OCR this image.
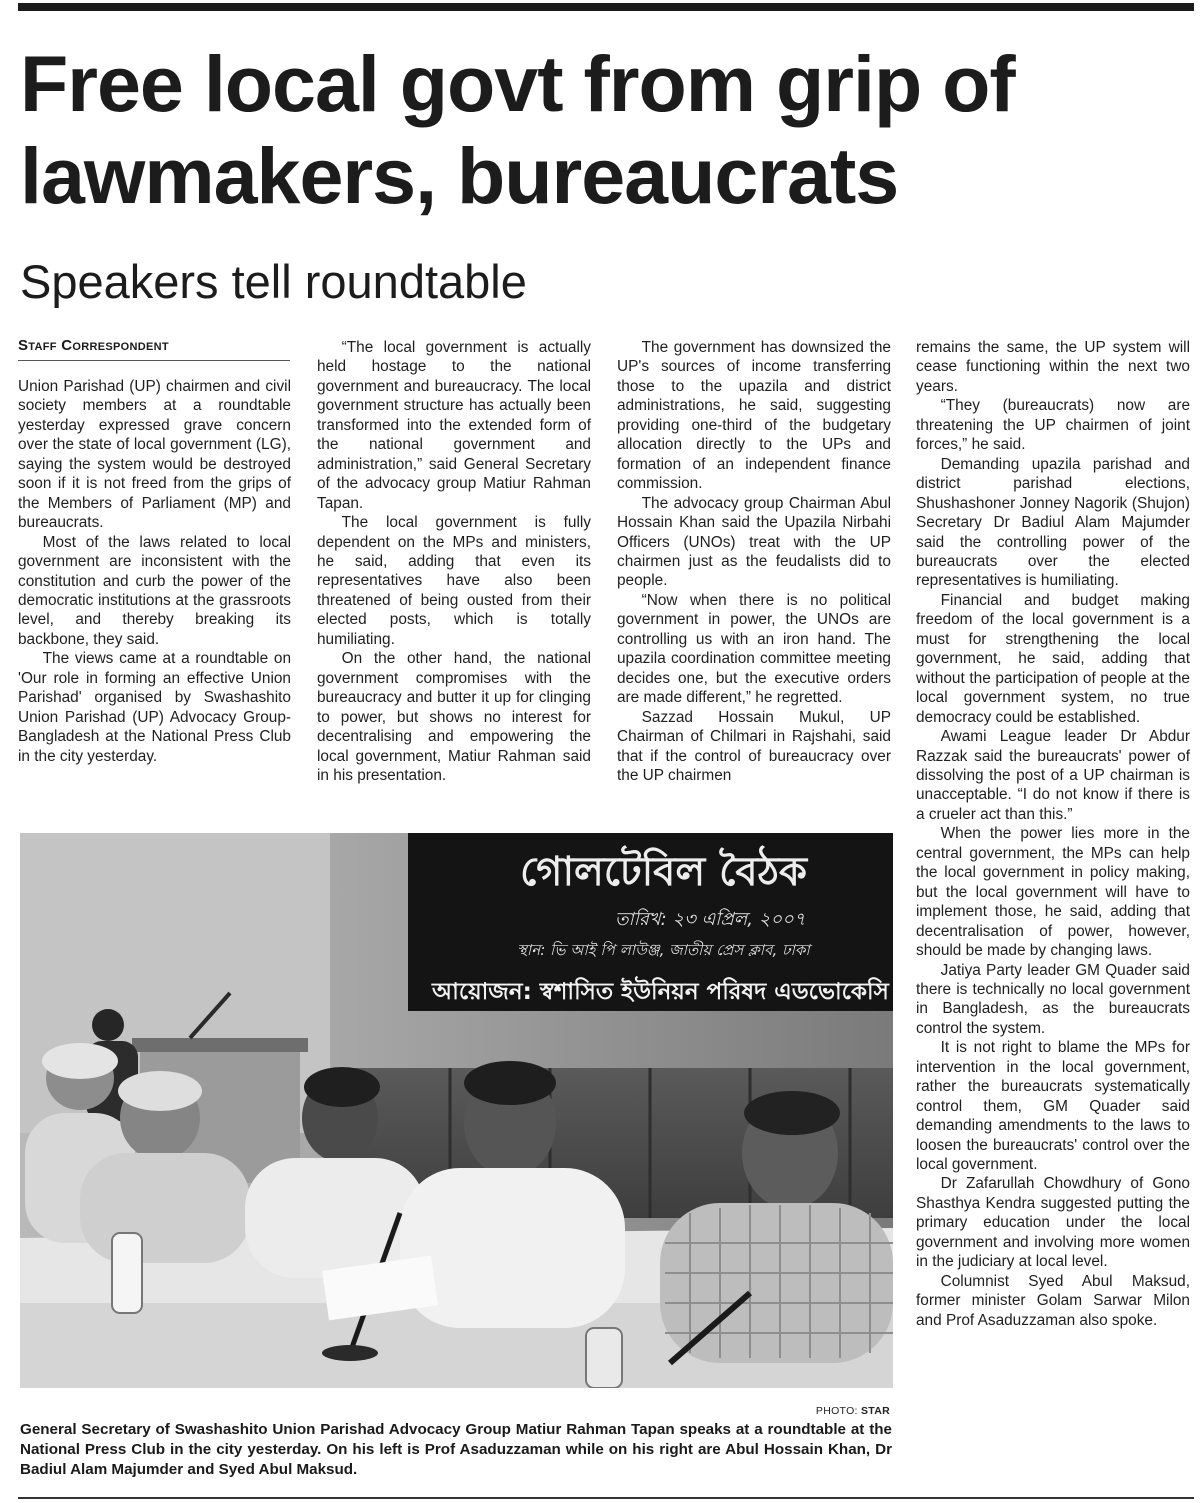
Free local govt from grip of lawmakers, bureaucrats
Speakers tell roundtable
Staff Correspondent

Union Parishad (UP) chairmen and civil society members at a roundtable yesterday expressed grave concern over the state of local government (LG), saying the system would be destroyed soon if it is not freed from the grips of the Members of Parliament (MP) and bureaucrats.

Most of the laws related to local government are inconsistent with the constitution and curb the power of the democratic institutions at the grassroots level, and thereby breaking its backbone, they said.

The views came at a roundtable on 'Our role in forming an effective Union Parishad' organised by Swashashito Union Parishad (UP) Advocacy Group-Bangladesh at the National Press Club in the city yesterday.

“The local government is actually held hostage to the national government and bureaucracy. The local government structure has actually been transformed into the extended form of the national government and administration,” said General Secretary of the advocacy group Matiur Rahman Tapan.

The local government is fully dependent on the MPs and ministers, he said, adding that even its representatives have also been threatened of being ousted from their elected posts, which is totally humiliating.

On the other hand, the national government compromises with the bureaucracy and butter it up for clinging to power, but shows no interest for decentralising and empowering the local government, Matiur Rahman said in his presentation.

The government has downsized the UP's sources of income transferring those to the upazila and district administrations, he said, suggesting providing one-third of the budgetary allocation directly to the UPs and formation of an independent finance commission.

The advocacy group Chairman Abul Hossain Khan said the Upazila Nirbahi Officers (UNOs) treat with the UP chairmen just as the feudalists did to people.

“Now when there is no political government in power, the UNOs are controlling us with an iron hand. The upazila coordination committee meeting decides one, but the executive orders are made different,” he regretted.

Sazzad Hossain Mukul, UP Chairman of Chilmari in Rajshahi, said that if the control of bureaucracy over the UP chairmen

remains the same, the UP system will cease functioning within the next two years.

“They (bureaucrats) now are threatening the UP chairmen of joint forces,” he said.

Demanding upazila parishad and district parishad elections, Shushashoner Jonney Nagorik (Shujon) Secretary Dr Badiul Alam Majumder said the controlling power of the bureaucrats over the elected representatives is humiliating.

Financial and budget making freedom of the local government is a must for strengthening the local government, he said, adding that without the participation of people at the local government system, no true democracy could be established.

Awami League leader Dr Abdur Razzak said the bureaucrats' power of dissolving the post of a UP chairman is unacceptable. “I do not know if there is a crueler act than this.”

When the power lies more in the central government, the MPs can help the local government in policy making, but the local government will have to implement those, he said, adding that decentralisation of power, however, should be made by changing laws.

Jatiya Party leader GM Quader said there is technically no local government in Bangladesh, as the bureaucrats control the system.

It is not right to blame the MPs for intervention in the local government, rather the bureaucrats systematically control them, GM Quader said demanding amendments to the laws to loosen the bureaucrats' control over the local government.

Dr Zafarullah Chowdhury of Gono Shasthya Kendra suggested putting the primary education under the local government and involving more women in the judiciary at local level.

Columnist Syed Abul Maksud, former minister Golam Sarwar Milon and Prof Asaduzzaman also spoke.

গোলটেবিল বৈঠক
তারিখ: ২৩ এপ্রিল, ২০০৭
স্থান: ভি আই পি লাউঞ্জ, জাতীয় প্রেস ক্লাব, ঢাকা
আয়োজন: স্বশাসিত ইউনিয়ন পরিষদ এডভোকেসি
PHOTO: STAR
General Secretary of Swashashito Union Parishad Advocacy Group Matiur Rahman Tapan speaks at a roundtable at the National Press Club in the city yesterday. On his left is Prof Asaduzzaman while on his right are Abul Hossain Khan, Dr Badiul Alam Majumder and Syed Abul Maksud.
